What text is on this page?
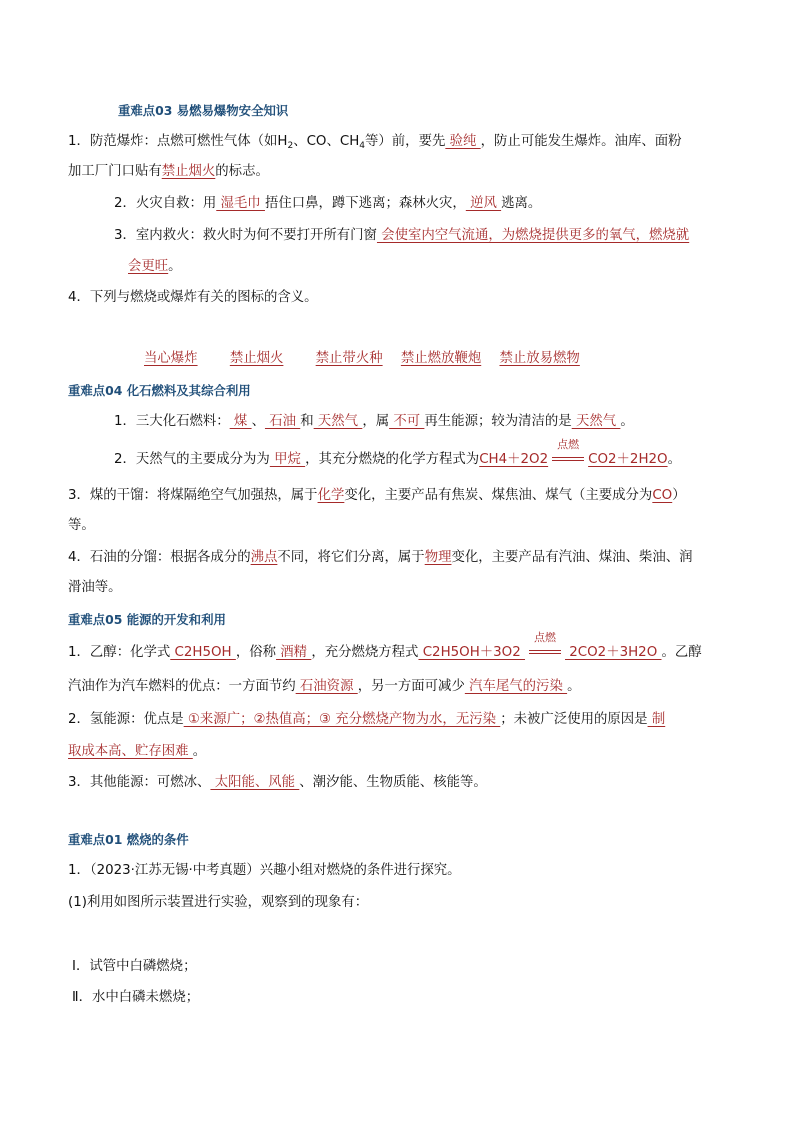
重难点03 易燃易爆物安全知识
1．防范爆炸：点燃可燃性气体（如$H_2$、CO、$CH_4$等）前，要先 验纯 ，防止可能发生爆炸。油库、面粉
加工厂门口贴有禁止烟火的标志。
2．火灾自救：用 湿毛巾 捂住口鼻，蹲下逃离；森林火灾， 逆风 逃离。
3．室内救火：救火时为何不要打开所有门窗 会使室内空气流通，为燃烧提供更多的氧气，燃烧就
会更旺。
4．下列与燃烧或爆炸有关的图标的含义。
当心爆炸 禁止烟火 禁止带火种 禁止燃放鞭炮 禁止放易燃物
重难点04 化石燃料及其综合利用
1．三大化石燃料： 煤 、 石油 和 天然气 ，属 不可 再生能源；较为清洁的是 天然气 。
2．天然气的主要成分为为 甲烷 ，其充分燃烧的化学方程式为CH4＋2O2
点燃
CO2＋2H2O。
3．煤的干馏：将煤隔绝空气加强热，属于化学变化，主要产品有焦炭、煤焦油、煤气（主要成分为CO）
等。
4．石油的分馏：根据各成分的沸点不同，将它们分离，属于物理变化，主要产品有汽油、煤油、柴油、润
滑油等。
重难点05 能源的开发和利用
1．乙醇：化学式 C2H5OH ，俗称 酒精 ，充分燃烧方程式 C2H5OH＋3O2
点燃
2CO2＋3H2O 。乙醇
汽油作为汽车燃料的优点：一方面节约 石油资源 ，另一方面可减少 汽车尾气的污染 。
2．氢能源：优点是 ①来源广；②热值高；③ 充分燃烧产物为水，无污染 ；未被广泛使用的原因是 制
取成本高、贮存困难 。
3．其他能源：可燃冰、 太阳能、风能 、潮汐能、生物质能、核能等。
重难点01 燃烧的条件
1．（2023·江苏无锡·中考真题）兴趣小组对燃烧的条件进行探究。
(1)利用如图所示装置进行实验，观察到的现象有：
Ⅰ．试管中白磷燃烧；
Ⅱ．水中白磷未燃烧；
